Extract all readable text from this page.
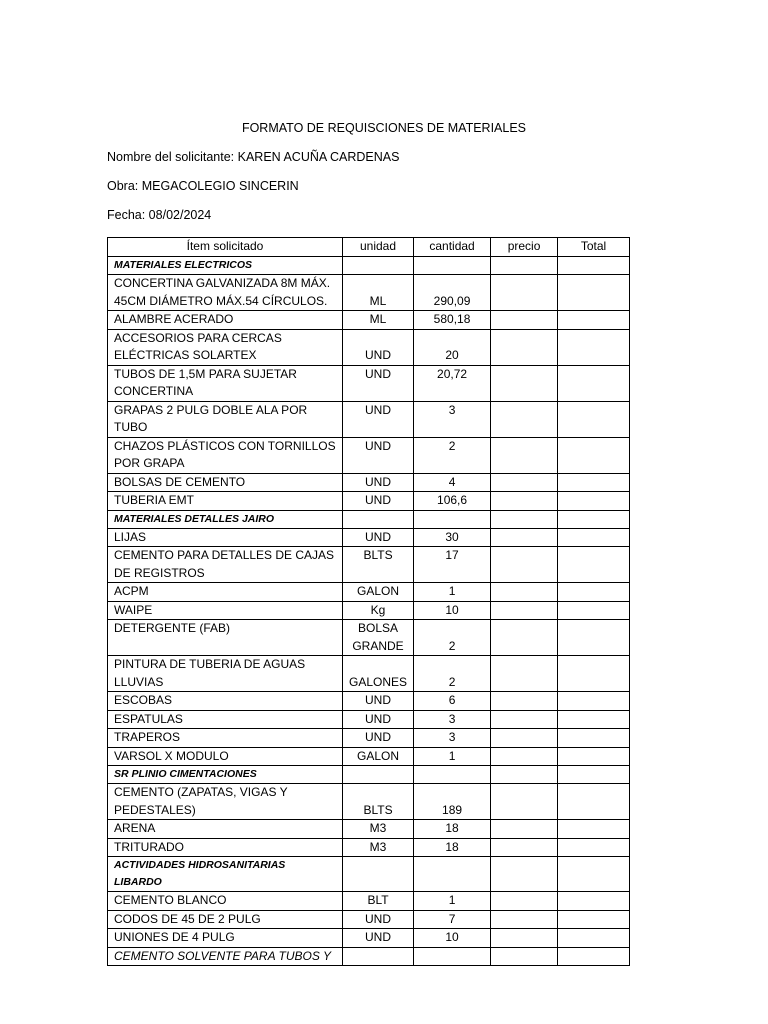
FORMATO DE REQUISCIONES DE MATERIALES
Nombre del solicitante: KAREN ACUÑA CARDENAS
Obra: MEGACOLEGIO SINCERIN
Fecha: 08/02/2024
Ítem solicitado	unidad	cantidad	precio	Total
MATERIALES ELECTRICOS				
CONCERTINA GALVANIZADA 8M MÁX. 45CM DIÁMETRO MÁX.54 CÍRCULOS.	ML	290,09		
ALAMBRE ACERADO	ML	580,18		
ACCESORIOS PARA CERCAS ELÉCTRICAS SOLARTEX	UND	20		
TUBOS DE 1,5M PARA SUJETAR CONCERTINA	UND	20,72		
GRAPAS 2 PULG DOBLE ALA POR TUBO	UND	3		
CHAZOS PLÁSTICOS CON TORNILLOS POR GRAPA	UND	2		
BOLSAS DE CEMENTO	UND	4		
TUBERIA EMT	UND	106,6		
MATERIALES DETALLES JAIRO				
LIJAS	UND	30		
CEMENTO PARA DETALLES DE CAJAS DE REGISTROS	BLTS	17		
ACPM	GALON	1		
WAIPE	Kg	10		
DETERGENTE (FAB)	BOLSA GRANDE	2		
PINTURA DE TUBERIA DE AGUAS LLUVIAS	GALONES	2		
ESCOBAS	UND	6		
ESPATULAS	UND	3		
TRAPEROS	UND	3		
VARSOL X MODULO	GALON	1		
SR PLINIO CIMENTACIONES				
CEMENTO (ZAPATAS, VIGAS Y PEDESTALES)	BLTS	189		
ARENA	M3	18		
TRITURADO	M3	18		
ACTIVIDADES HIDROSANITARIAS LIBARDO				
CEMENTO BLANCO	BLT	1		
CODOS DE 45 DE 2 PULG	UND	7		
UNIONES DE 4 PULG	UND	10		
CEMENTO SOLVENTE PARA TUBOS Y				
